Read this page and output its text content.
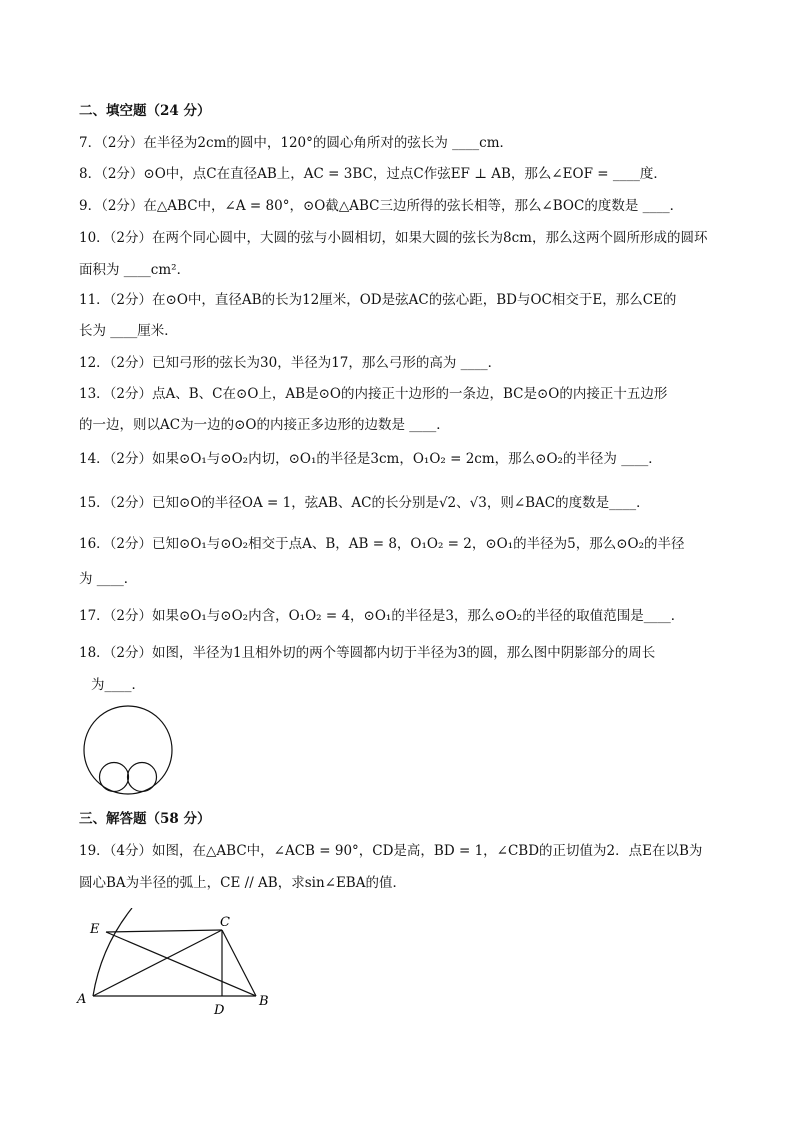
二、填空题（24 分）
7．（2分）在半径为2cm的圆中，120°的圆心角所对的弦长为 ____cm．
8．（2分）⊙O中，点C在直径AB上，AC = 3BC，过点C作弦EF ⊥ AB，那么∠EOF = ____度．
9．（2分）在△ABC中，∠A = 80°，⊙O截△ABC三边所得的弦长相等，那么∠BOC的度数是 ____．
10．（2分）在两个同心圆中，大圆的弦与小圆相切，如果大圆的弦长为8cm，那么这两个圆所形成的圆环
面积为 ____cm²．
11．（2分）在⊙O中，直径AB的长为12厘米，OD是弦AC的弦心距，BD与OC相交于E，那么CE的
长为 ____厘米．
12．（2分）已知弓形的弦长为30，半径为17，那么弓形的高为 ____．
13．（2分）点A、B、C在⊙O上，AB是⊙O的内接正十边形的一条边，BC是⊙O的内接正十五边形
的一边，则以AC为一边的⊙O的内接正多边形的边数是 ____．
14．（2分）如果⊙O₁与⊙O₂内切，⊙O₁的半径是3cm，O₁O₂ = 2cm，那么⊙O₂的半径为 ____．
15．（2分）已知⊙O的半径OA = 1，弦AB、AC的长分别是√2、√3，则∠BAC的度数是____．
16．（2分）已知⊙O₁与⊙O₂相交于点A、B，AB = 8，O₁O₂ = 2，⊙O₁的半径为5，那么⊙O₂的半径
为 ____．
17．（2分）如果⊙O₁与⊙O₂内含，O₁O₂ = 4，⊙O₁的半径是3，那么⊙O₂的半径的取值范围是____．
18．（2分）如图，半径为1且相外切的两个等圆都内切于半径为3的圆，那么图中阴影部分的周长
为____．
三、解答题（58 分）
19．（4分）如图，在△ABC中，∠ACB = 90°，CD是高，BD = 1，∠CBD的正切值为2．点E在以B为
圆心BA为半径的弧上，CE // AB，求sin∠EBA的值．
E	C
A
D
B
